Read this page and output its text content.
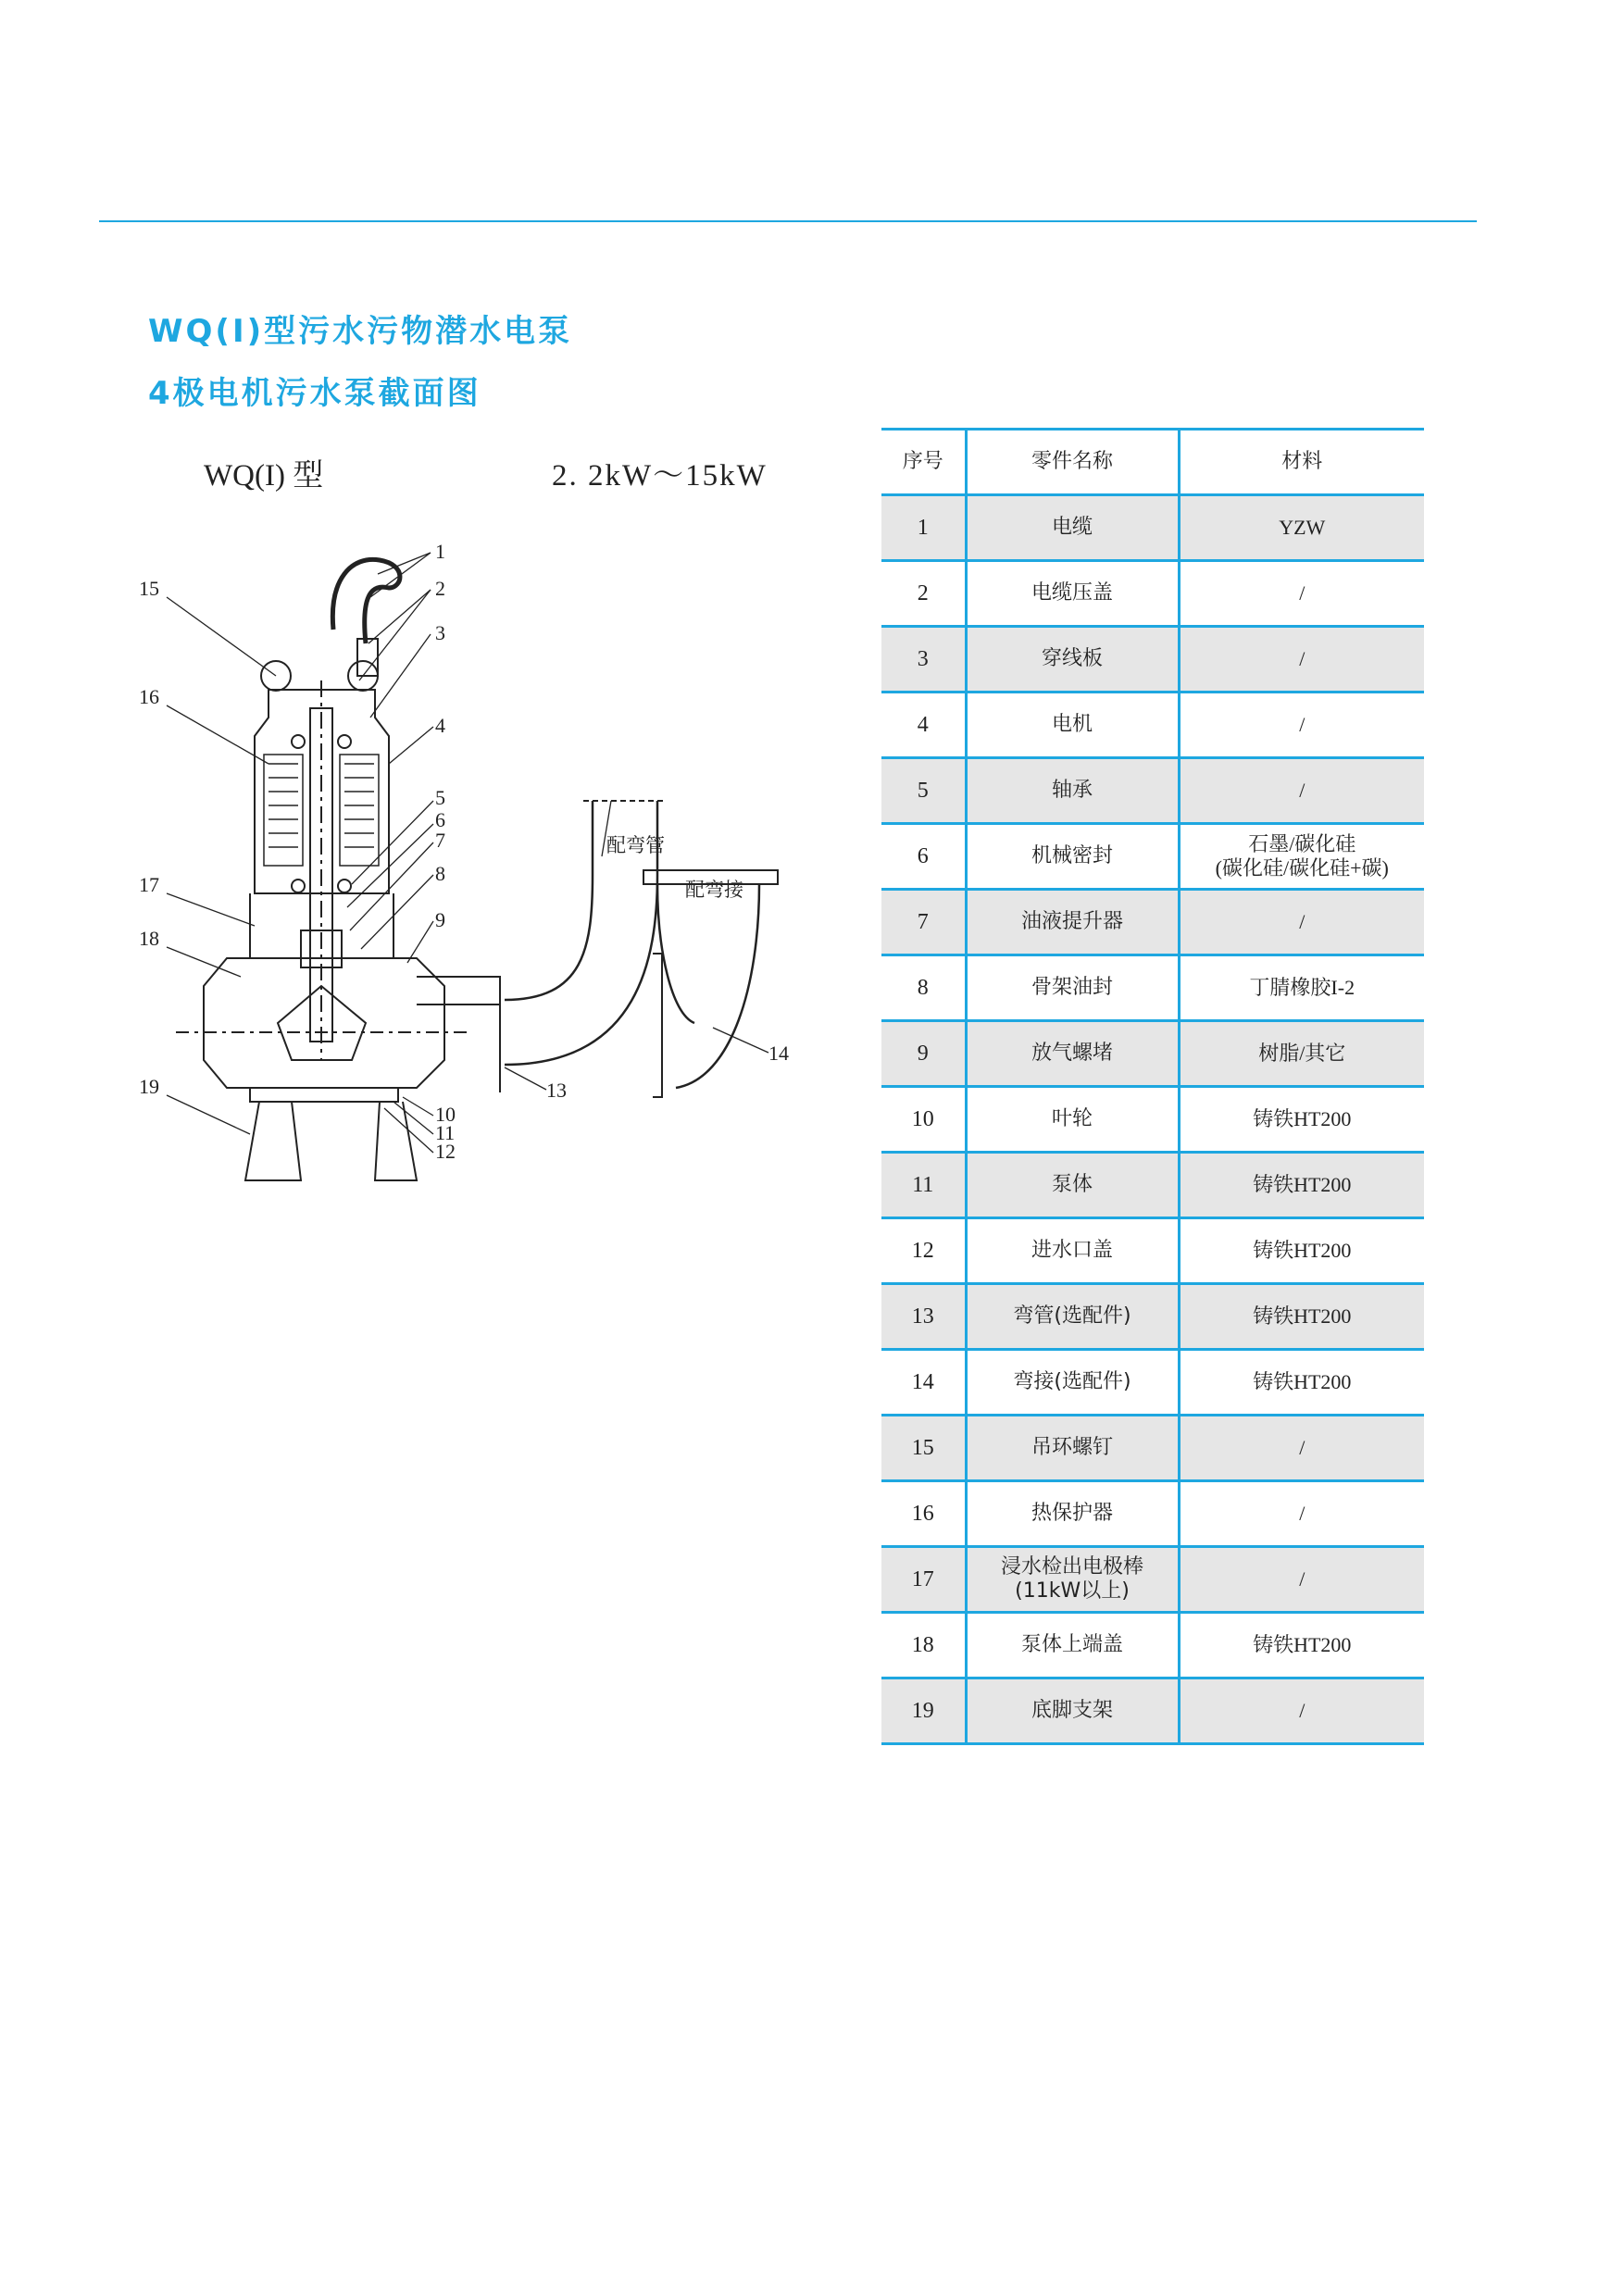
WQ(I)型污水污物潜水电泵
4极电机污水泵截面图
WQ(I) 型	2. 2kW～15kW
1
2
3
4
5
6
7
8
9
10
11
12
13
14
15
16
17
18
19
配弯管
配弯接
序号	零件名称	材料
1	电缆	YZW
2	电缆压盖	/
3	穿线板	/
4	电机	/
5	轴承	/
6	机械密封	石墨/碳化硅
(碳化硅/碳化硅+碳)

7	油液提升器	/
8	骨架油封	丁腈橡胶I-2
9	放气螺堵	树脂/其它
10	叶轮	铸铁HT200
11	泵体	铸铁HT200
12	进水口盖	铸铁HT200
13	弯管(选配件)	铸铁HT200
14	弯接(选配件)	铸铁HT200
15	吊环螺钉	/
16	热保护器	/
17	浸水检出电极棒
(11kW以上)	/
18	泵体上端盖	铸铁HT200
19	底脚支架	/
